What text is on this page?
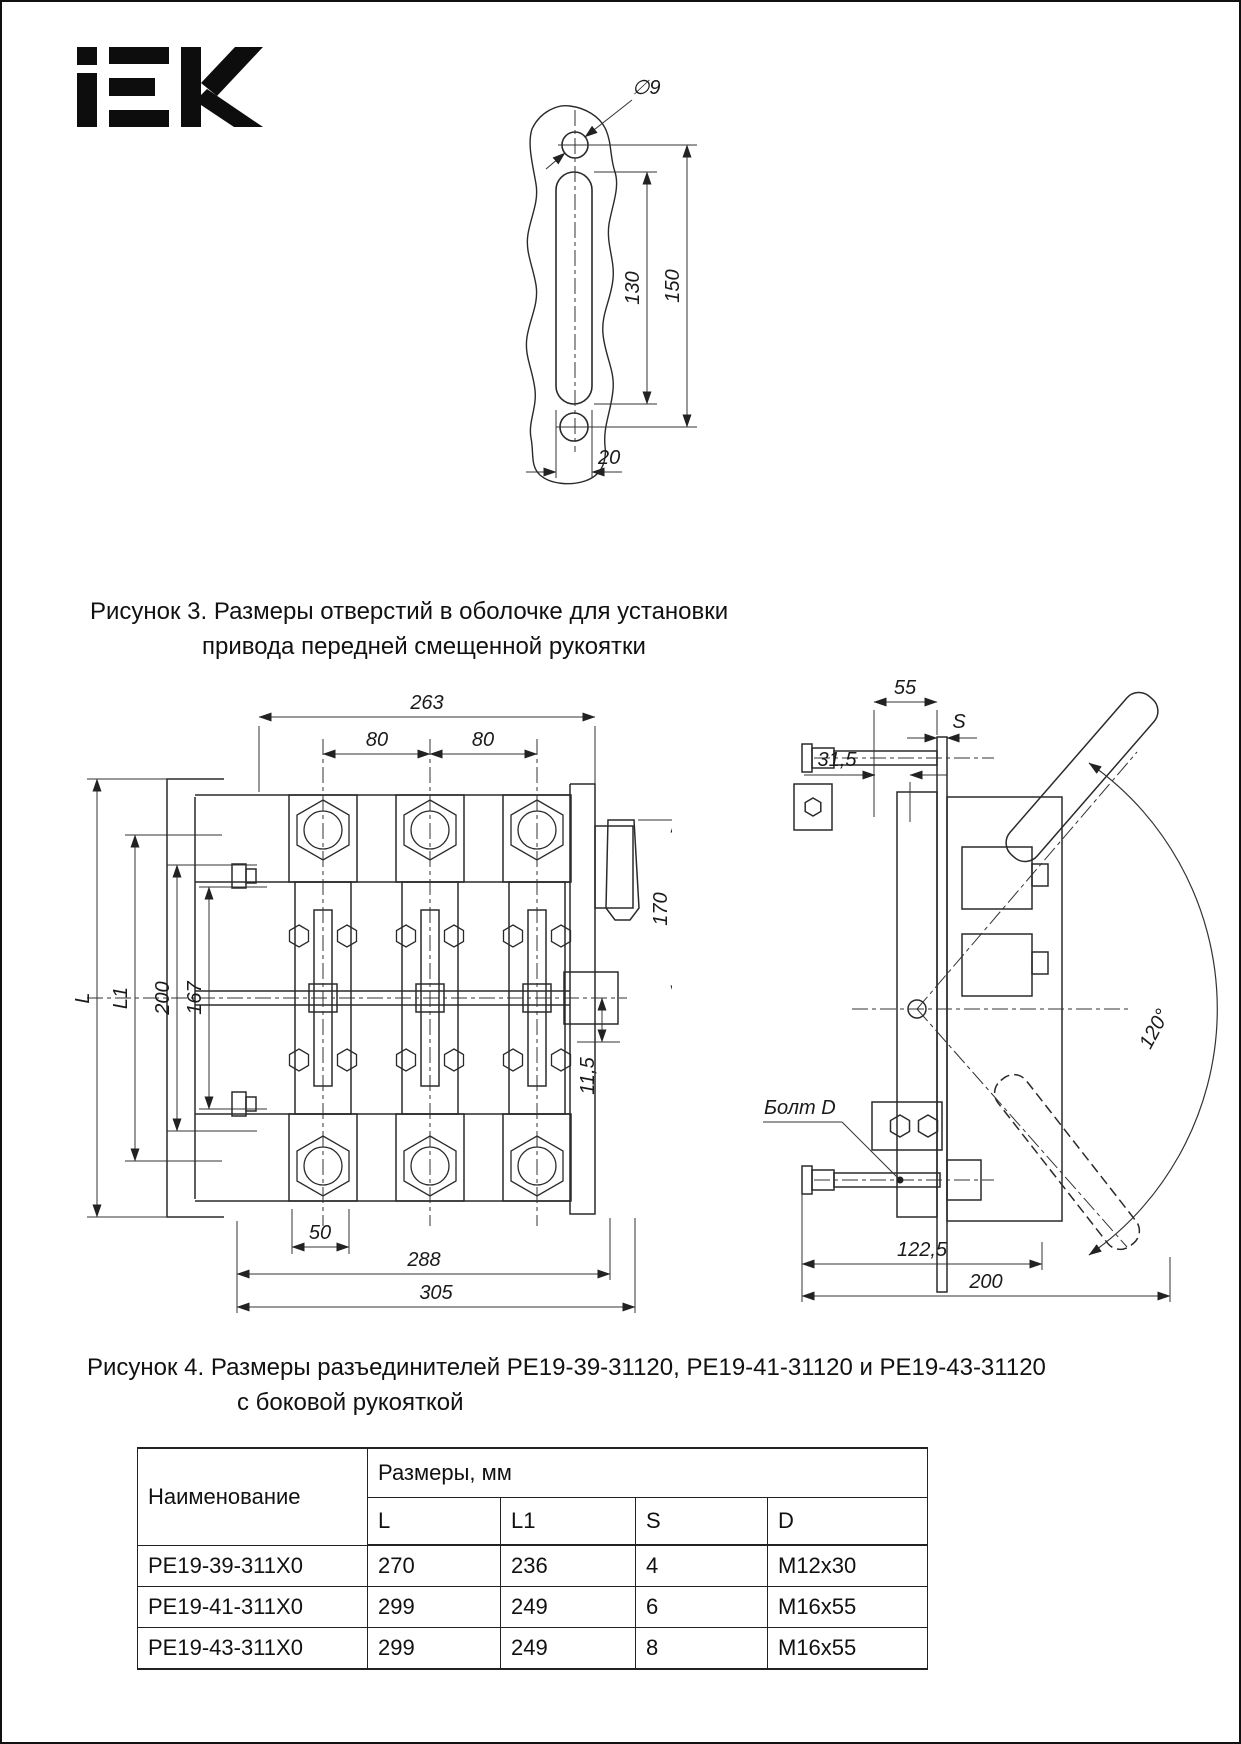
∅9
130 150
20
Рисунок 3. Размеры отверстий в оболочке для установки
привода передней смещенной рукоятки
263
80	80
L L1 200 167
170
11,5
50
288
305
55
S
31,5
120°
Болт D
122,5
200
Рисунок 4. Размеры разъединителей РЕ19-39-31120, РЕ19-41-31120 и РЕ19-43-31120
с боковой рукояткой
Наименование	Размеры, мм			
	L	L1	S	D
РЕ19-39-311Х0	270	236	4	M12x30
РЕ19-41-311Х0	299	249	6	M16x55
РЕ19-43-311Х0	299	249	8	M16x55
